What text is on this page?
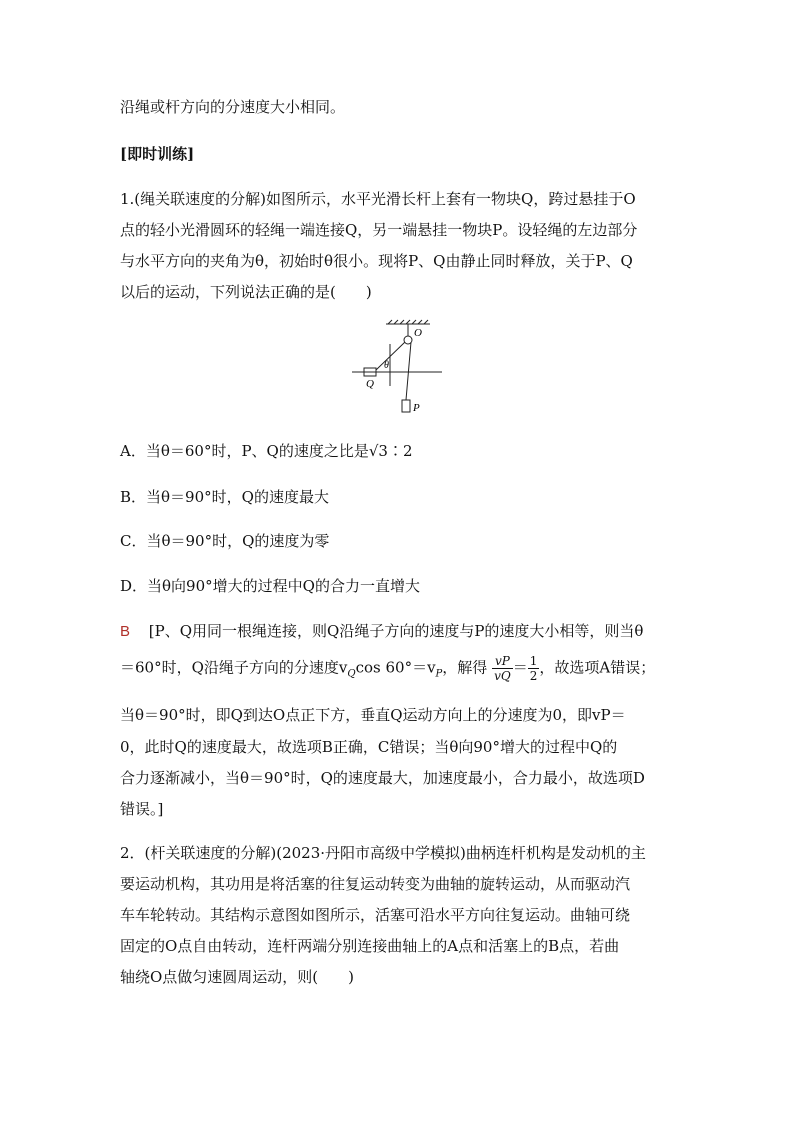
沿绳或杆方向的分速度大小相同。
[即时训练]
1.(绳关联速度的分解)如图所示，水平光滑长杆上套有一物块Q，跨过悬挂于O
点的轻小光滑圆环的轻绳一端连接Q，另一端悬挂一物块P。设轻绳的左边部分
与水平方向的夹角为θ，初始时θ很小。现将P、Q由静止同时释放，关于P、Q
以后的运动，下列说法正确的是(　　)
O
θ
Q
P
A．当θ＝60°时，P、Q的速度之比是√3∶2
B．当θ＝90°时，Q的速度最大
C．当θ＝90°时，Q的速度为零
D．当θ向90°增大的过程中Q的合力一直增大
B [P、Q用同一根绳连接，则Q沿绳子方向的速度与P的速度大小相等，则当θ
＝60°时，Q沿绳子方向的分速度$v_Q\cos$ $60^\circ=v_P$，解得 $\frac{vP}{vQ} = \frac{1}{2}$ ，故选项A错误；
当θ＝90°时，即Q到达O点正下方，垂直Q运动方向上的分速度为0，即vP＝
0，此时Q的速度最大，故选项B正确，C错误；当θ向90°增大的过程中Q的
合力逐渐减小，当θ＝90°时，Q的速度最大，加速度最小，合力最小，故选项D
错误。]
2．(杆关联速度的分解)(2023·丹阳市高级中学模拟)曲柄连杆机构是发动机的主
要运动机构，其功用是将活塞的往复运动转变为曲轴的旋转运动，从而驱动汽
车车轮转动。其结构示意图如图所示，活塞可沿水平方向往复运动。曲轴可绕
固定的O点自由转动，连杆两端分别连接曲轴上的A点和活塞上的B点，若曲
轴绕O点做匀速圆周运动，则(　　)
